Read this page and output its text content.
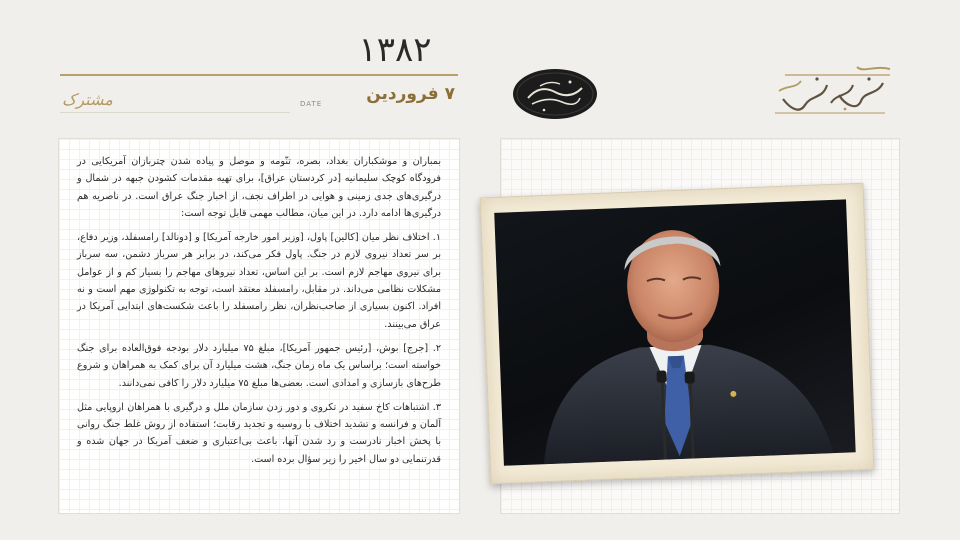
۱۳۸۲
۷ فروردین
DATE
مشترک

بمباران و موشکباران بغداد، بصره، تنّومه و موصل و پیاده شدن چتربازان آمریکایی در فرودگاه کوچک سلیمانیه [در کردستان عراق]، برای تهیه مقدمات کشودن جبهه در شمال و درگیری‌های جدی زمینی و هوایی در اطراف نجف، از اخبار جنگ عراق است. در ناصریه هم درگیری‌ها ادامه دارد. در این میان، مطالب مهمی قابل توجه است:

۱. اختلاف نظر میان [کالین] پاول، [وزیر امور خارجه آمریکا] و [دونالد] رامسفلد، وزیر دفاع، بر سر تعداد نیروی لازم در جنگ. پاول فکر می‌کند، در برابر هر سرباز دشمن، سه سرباز برای نیروی مهاجم لازم است. بر این اساس، تعداد نیروهای مهاجم را بسیار کم و از عوامل مشکلات نظامی می‌داند. در مقابل، رامسفلد معتقد است، توجه به تکنولوژی مهم است و نه افراد. اکنون بسیاری از صاحب‌نظران، نظر رامسفلد را باعث شکست‌های ابتدایی آمریکا در عراق می‌بینند.

۲. [جرج] بوش، [رئیس جمهور آمریکا]، مبلغ ۷۵ میلیارد دلار بودجه فوق‌العاده برای جنگ خواسته است؛ براساس یک ماه زمان جنگ، هشت میلیارد آن برای کمک به همراهان و شروع طرح‌های بازسازی و امدادی است. بعضی‌ها مبلغ ۷۵ میلیارد دلار را کافی نمی‌دانند.

۳. اشتباهات کاخ سفید در تکروی و دور زدن سازمان ملل و درگیری با همراهان اروپایی مثل آلمان و فرانسه و تشدید اختلاف با روسیه و تجدید رقابت؛ استفاده از روش غلط جنگ روانی با پخش اخبار نادرست و رد شدن آنها، باعث بی‌اعتباری و ضعف آمریکا در جهان شده و قدرتنمایی دو سال اخیر را زیر سؤال برده است.
